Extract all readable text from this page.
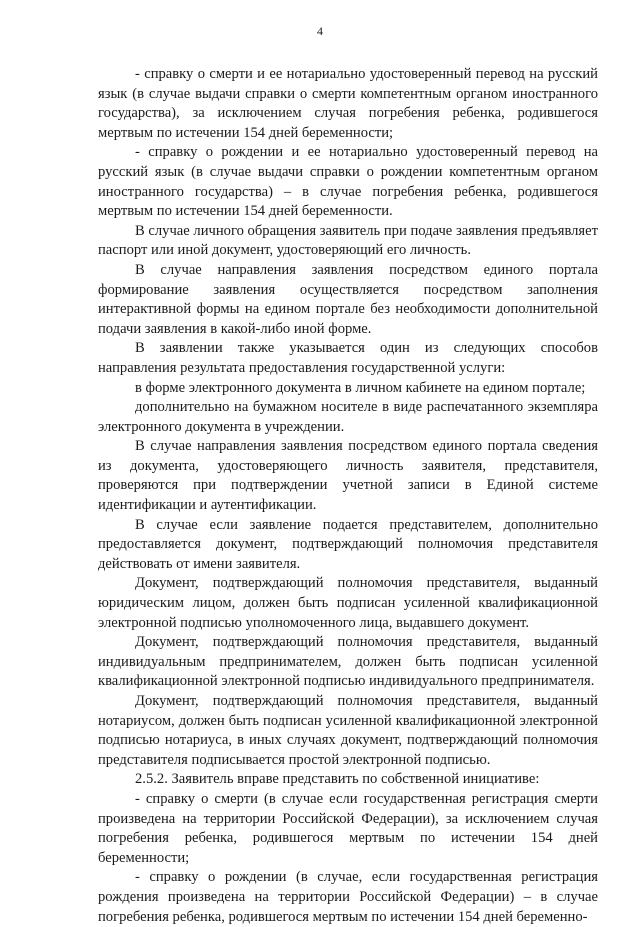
4

- справку о смерти и ее нотариально удостоверенный перевод на русский язык (в случае выдачи справки о смерти компетентным органом иностранного государства), за исключением случая погребения ребенка, родившегося мертвым по истечении 154 дней беременности;

- справку о рождении и ее нотариально удостоверенный перевод на русский язык (в случае выдачи справки о рождении компетентным органом иностранного государства) – в случае погребения ребенка, родившегося мертвым по истечении 154 дней беременности.

В случае личного обращения заявитель при подаче заявления предъявляет паспорт или иной документ, удостоверяющий его личность.

В случае направления заявления посредством единого портала формирование заявления осуществляется посредством заполнения интерактивной формы на едином портале без необходимости дополнительной подачи заявления в какой-либо иной форме.

В заявлении также указывается один из следующих способов направления результата предоставления государственной услуги:

в форме электронного документа в личном кабинете на едином портале;

дополнительно на бумажном носителе в виде распечатанного экземпляра электронного документа в учреждении.

В случае направления заявления посредством единого портала сведения из документа, удостоверяющего личность заявителя, представителя, проверяются при подтверждении учетной записи в Единой системе идентификации и аутентификации.

В случае если заявление подается представителем, дополнительно предоставляется документ, подтверждающий полномочия представителя действовать от имени заявителя.

Документ, подтверждающий полномочия представителя, выданный юридическим лицом, должен быть подписан усиленной квалификационной электронной подписью уполномоченного лица, выдавшего документ.

Документ, подтверждающий полномочия представителя, выданный индивидуальным предпринимателем, должен быть подписан усиленной квалификационной электронной подписью индивидуального предпринимателя.

Документ, подтверждающий полномочия представителя, выданный нотариусом, должен быть подписан усиленной квалификационной электронной подписью нотариуса, в иных случаях документ, подтверждающий полномочия представителя подписывается простой электронной подписью.

2.5.2. Заявитель вправе представить по собственной инициативе:

- справку о смерти (в случае если государственная регистрация смерти произведена на территории Российской Федерации), за исключением случая погребения ребенка, родившегося мертвым по истечении 154 дней беременности;

- справку о рождении (в случае, если государственная регистрация рождения произведена на территории Российской Федерации) – в случае погребения ребенка, родившегося мертвым по истечении 154 дней беременно-
